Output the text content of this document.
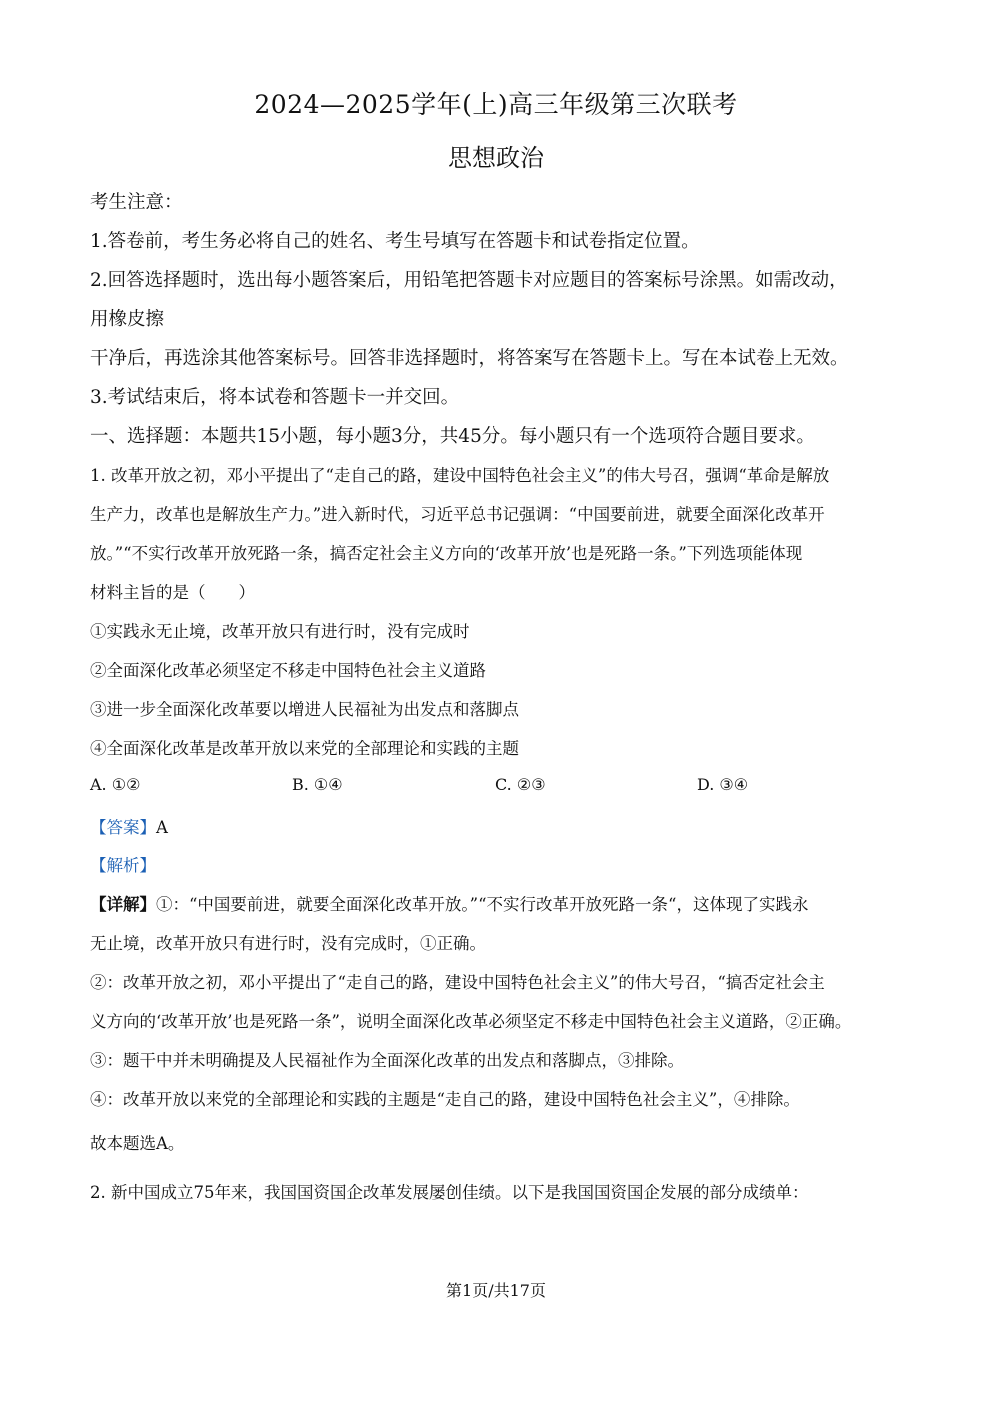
2024—2025学年(上)高三年级第三次联考
思想政治
考生注意：
1.答卷前，考生务必将自己的姓名、考生号填写在答题卡和试卷指定位置。
2.回答选择题时，选出每小题答案后，用铅笔把答题卡对应题目的答案标号涂黑。如需改动，
用橡皮擦
干净后，再选涂其他答案标号。回答非选择题时，将答案写在答题卡上。写在本试卷上无效。
3.考试结束后，将本试卷和答题卡一并交回。
一、选择题：本题共15小题，每小题3分，共45分。每小题只有一个选项符合题目要求。
1. 改革开放之初，邓小平提出了“走自己的路，建设中国特色社会主义”的伟大号召，强调“革命是解放
生产力，改革也是解放生产力。”进入新时代，习近平总书记强调：“中国要前进，就要全面深化改革开
放。”“不实行改革开放死路一条，搞否定社会主义方向的‘改革开放’也是死路一条。”下列选项能体现
材料主旨的是（　　）
①实践永无止境，改革开放只有进行时，没有完成时
②全面深化改革必须坚定不移走中国特色社会主义道路
③进一步全面深化改革要以增进人民福祉为出发点和落脚点
④全面深化改革是改革开放以来党的全部理论和实践的主题
A. ①②	B. ①④	C. ②③	D. ③④
【答案】A
【解析】
【详解】①：“中国要前进，就要全面深化改革开放。”“不实行改革开放死路一条“，这体现了实践永
无止境，改革开放只有进行时，没有完成时，①正确。
②：改革开放之初，邓小平提出了“走自己的路，建设中国特色社会主义”的伟大号召，“搞否定社会主
义方向的‘改革开放’也是死路一条”，说明全面深化改革必须坚定不移走中国特色社会主义道路，②正确。
③：题干中并未明确提及人民福祉作为全面深化改革的出发点和落脚点，③排除。
④：改革开放以来党的全部理论和实践的主题是“走自己的路，建设中国特色社会主义”，④排除。
故本题选A。
2. 新中国成立75年来，我国国资国企改革发展屡创佳绩。以下是我国国资国企发展的部分成绩单：
第1页/共17页
